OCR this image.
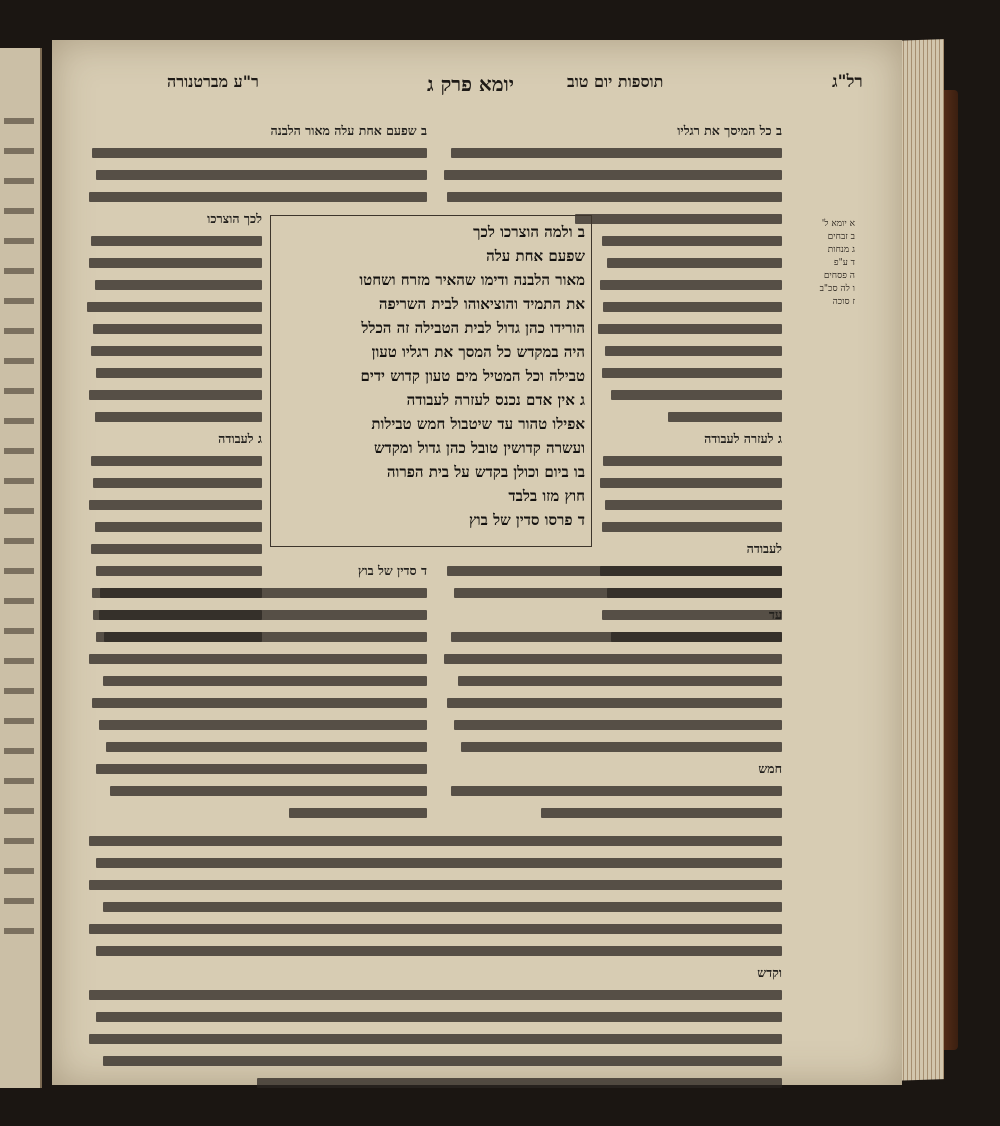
רל"ג
תוספות יום טוב
יומא פרק ג
ר"ע מברטנורה
ב כל המיסך את רגליו
ג לעזרה לעבודה
לעבודה
א יומא ל'
ב זבחים
ג מנחות
ד ע"פ
ה פסחים
ו לה סכ"ב
ז סוכה
ב שפעם אחת עלה מאור הלבנה
לכך הוצרכו
ג לעבודה
ב ולמה הוצרכו לכך
שפעם אחת עלה
מאור הלבנה ודימו שהאיר מזרח ושחטו
את התמיד והוציאוהו לבית השריפה
הורידו כהן גדול לבית הטבילה זה הכלל
היה במקדש כל המסך את רגליו טעון
טבילה וכל המטיל מים טעון קדוש ידים
ג אין אדם נכנס לעזרה לעבודה
אפילו טהור עד שיטבול חמש טבילות
ועשרה קדושין טובל כהן גדול ומקדש
בו ביום וכולן בקדש על בית הפרוה
חוץ מזו בלבד
ד פרסו סדין של בוץ
עד
חמש
ד סדין של בוץ
וקדש
